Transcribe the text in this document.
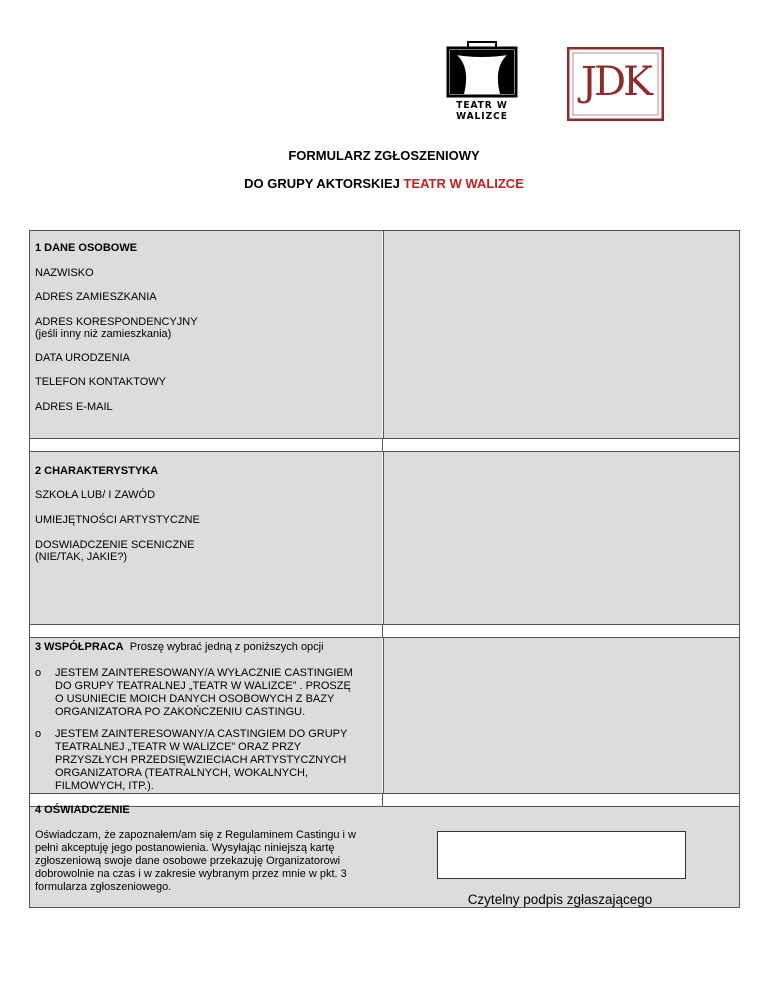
TEATR W WALIZCE
JDK
FORMULARZ ZGŁOSZENIOWY
DO GRUPY AKTORSKIEJ TEATR W WALIZCE
1 DANE OSOBOWE
NAZWISKO
ADRES ZAMIESZKANIA
ADRES KORESPONDENCYJNY
(jeśli inny niż zamieszkania)
DATA URODZENIA
TELEFON KONTAKTOWY
ADRES E-MAIL
2 CHARAKTERYSTYKA
SZKOŁA LUB/ I ZAWÓD
UMIEJĘTNOŚCI ARTYSTYCZNE
DOSWIADCZENIE SCENICZNE
(NIE/TAK, JAKIE?)
3 WSPÓŁPRACA Proszę wybrać jedną z poniższych opcji
o JESTEM ZAINTERESOWANY/A WYŁACZNIE CASTINGIEM
DO GRUPY TEATRALNEJ „TEATR W WALIZCE” . PROSZĘ
O USUNIECIE MOICH DANYCH OSOBOWYCH Z BAZY
ORGANIZATORA PO ZAKOŃCZENIU CASTINGU.
o JESTEM ZAINTERESOWANY/A CASTINGIEM DO GRUPY
TEATRALNEJ „TEATR W WALIZCE” ORAZ PRZY
PRZYSZŁYCH PRZEDSIĘWZIECIACH ARTYSTYCZNYCH
ORGANIZATORA (TEATRALNYCH, WOKALNYCH,
FILMOWYCH, ITP.).
4 OŚWIADCZENIE
Oświadczam, że zapoznałem/am się z Regulaminem Castingu i w
pełni akceptuję jego postanowienia. Wysyłając niniejszą kartę
zgłoszeniową swoje dane osobowe przekazuję Organizatorowi
dobrowolnie na czas i w zakresie wybranym przez mnie w pkt. 3
formularza zgłoszeniowego.
Czytelny podpis zgłaszającego
